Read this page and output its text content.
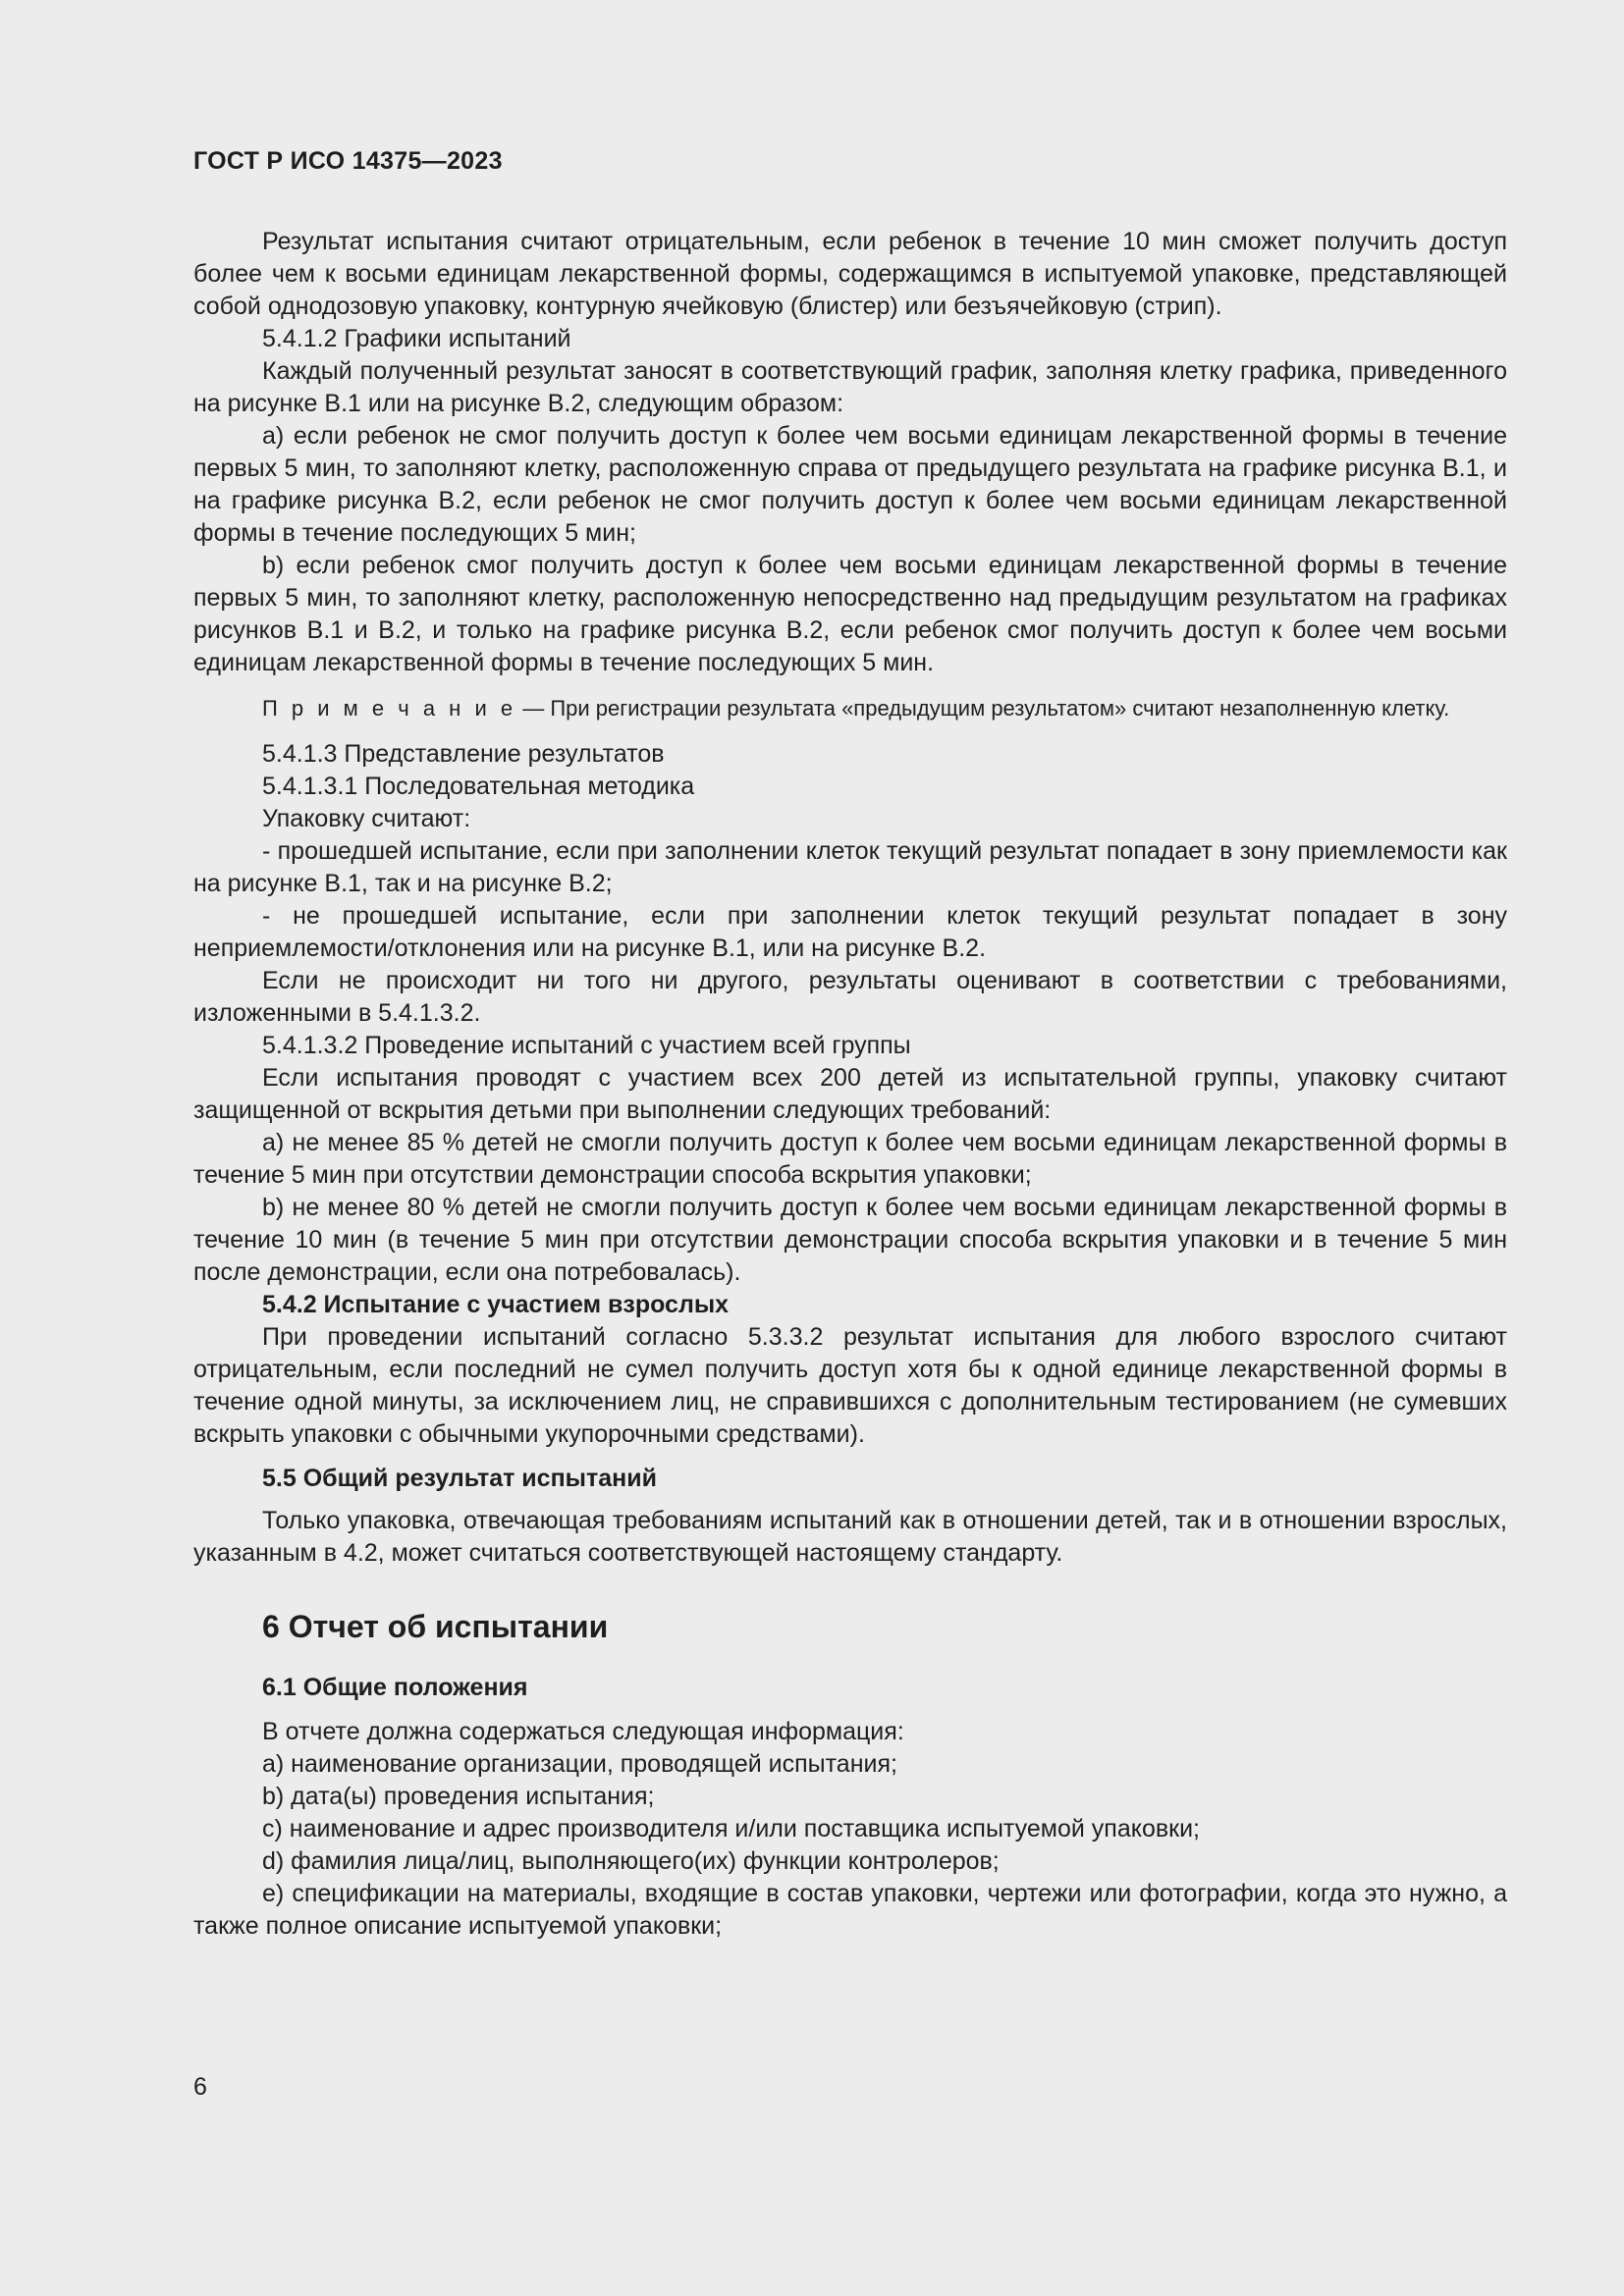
ГОСТ Р ИСО 14375—2023

Результат испытания считают отрицательным, если ребенок в течение 10 мин сможет получить доступ более чем к восьми единицам лекарственной формы, содержащимся в испытуемой упаковке, представляющей собой однодозовую упаковку, контурную ячейковую (блистер) или безъячейковую (стрип).

5.4.1.2 Графики испытаний

Каждый полученный результат заносят в соответствующий график, заполняя клетку графика, приведенного на рисунке B.1 или на рисунке B.2, следующим образом:

a) если ребенок не смог получить доступ к более чем восьми единицам лекарственной формы в течение первых 5 мин, то заполняют клетку, расположенную справа от предыдущего результата на графике рисунка B.1, и на графике рисунка B.2, если ребенок не смог получить доступ к более чем восьми единицам лекарственной формы в течение последующих 5 мин;

b) если ребенок смог получить доступ к более чем восьми единицам лекарственной формы в течение первых 5 мин, то заполняют клетку, расположенную непосредственно над предыдущим результатом на графиках рисунков B.1 и B.2, и только на графике рисунка B.2, если ребенок смог получить доступ к более чем восьми единицам лекарственной формы в течение последующих 5 мин.

П р и м е ч а н и е — При регистрации результата «предыдущим результатом» считают незаполненную клетку.

5.4.1.3 Представление результатов

5.4.1.3.1 Последовательная методика

Упаковку считают:

- прошедшей испытание, если при заполнении клеток текущий результат попадает в зону приемлемости как на рисунке B.1, так и на рисунке B.2;

- не прошедшей испытание, если при заполнении клеток текущий результат попадает в зону неприемлемости/отклонения или на рисунке B.1, или на рисунке B.2.

Если не происходит ни того ни другого, результаты оценивают в соответствии с требованиями, изложенными в 5.4.1.3.2.

5.4.1.3.2 Проведение испытаний с участием всей группы

Если испытания проводят с участием всех 200 детей из испытательной группы, упаковку считают защищенной от вскрытия детьми при выполнении следующих требований:

a) не менее 85 % детей не смогли получить доступ к более чем восьми единицам лекарственной формы в течение 5 мин при отсутствии демонстрации способа вскрытия упаковки;

b) не менее 80 % детей не смогли получить доступ к более чем восьми единицам лекарственной формы в течение 10 мин (в течение 5 мин при отсутствии демонстрации способа вскрытия упаковки и в течение 5 мин после демонстрации, если она потребовалась).

5.4.2 Испытание с участием взрослых

При проведении испытаний согласно 5.3.3.2 результат испытания для любого взрослого считают отрицательным, если последний не сумел получить доступ хотя бы к одной единице лекарственной формы в течение одной минуты, за исключением лиц, не справившихся с дополнительным тестированием (не сумевших вскрыть упаковки с обычными укупорочными средствами).

5.5 Общий результат испытаний

Только упаковка, отвечающая требованиям испытаний как в отношении детей, так и в отношении взрослых, указанным в 4.2, может считаться соответствующей настоящему стандарту.

6 Отчет об испытании

6.1 Общие положения

В отчете должна содержаться следующая информация:

a) наименование организации, проводящей испытания;

b) дата(ы) проведения испытания;

c) наименование и адрес производителя и/или поставщика испытуемой упаковки;

d) фамилия лица/лиц, выполняющего(их) функции контролеров;

e) спецификации на материалы, входящие в состав упаковки, чертежи или фотографии, когда это нужно, а также полное описание испытуемой упаковки;

6
